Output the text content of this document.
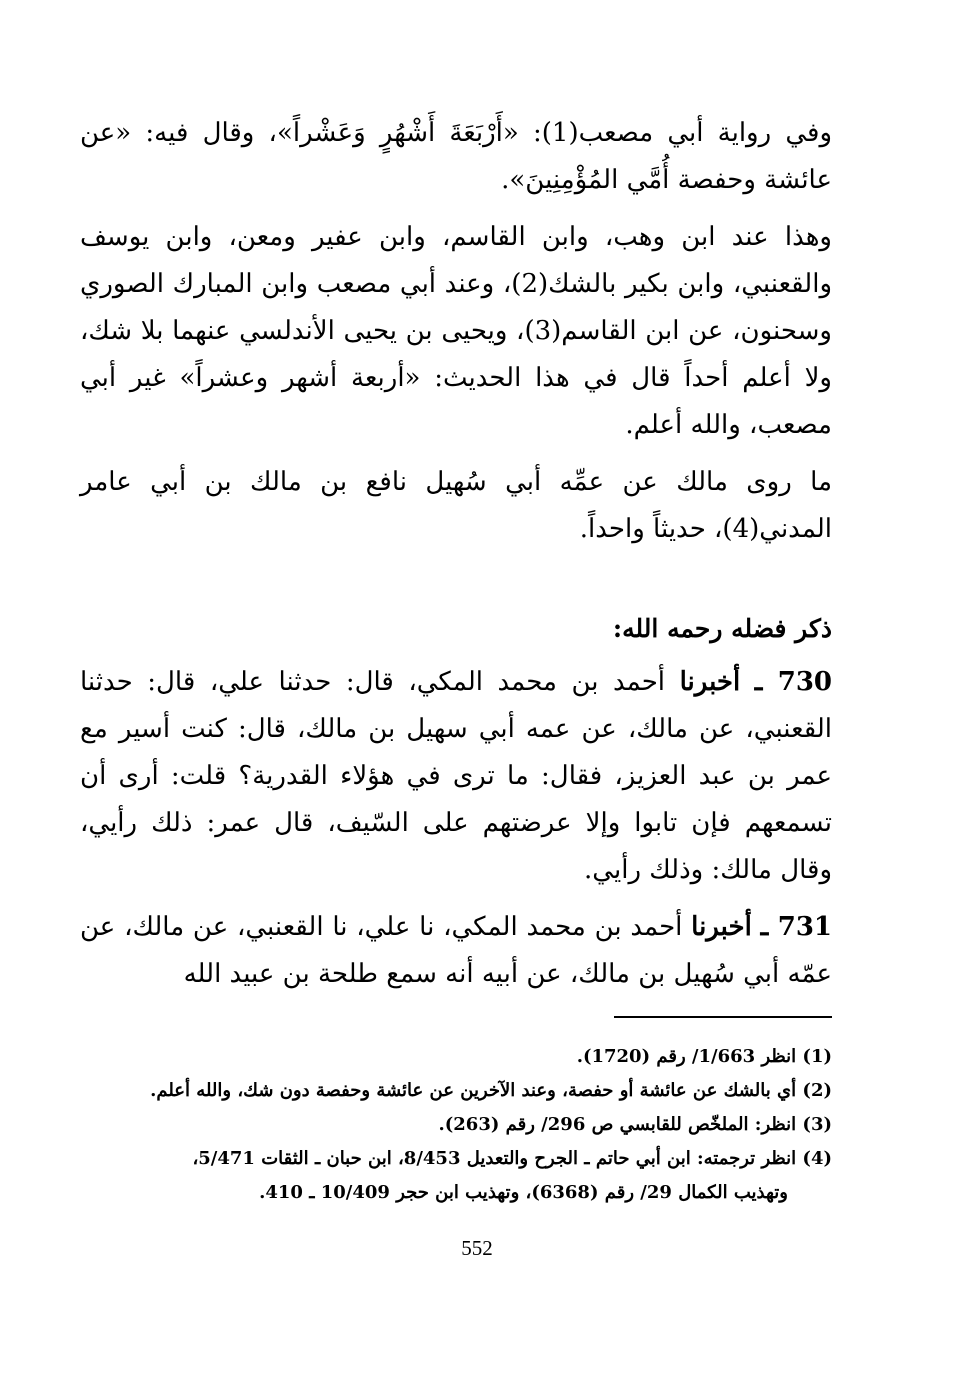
وفي رواية أبي مصعب(1): «أَرْبَعَةَ أَشْهُرٍ وَعَشْراً»، وقال فيه: «عن عائشة وحفصة أُمَّي المُؤْمِنِينَ».

وهذا عند ابن وهب، وابن القاسم، وابن عفير ومعن، وابن يوسف والقعنبي، وابن بكير بالشك(2)، وعند أبي مصعب وابن المبارك الصوري وسحنون، عن ابن القاسم(3)، ويحيى بن يحيى الأندلسي عنهما بلا شك، ولا أعلم أحداً قال في هذا الحديث: «أربعة أشهر وعشراً» غير أبي مصعب، والله أعلم.

ما روى مالك عن عمِّه أبي سُهيل نافع بن مالك بن أبي عامر المدني(4)، حديثاً واحداً.

ذكر فضله رحمه الله:

730 ـ أخبرنا أحمد بن محمد المكي، قال: حدثنا علي، قال: حدثنا القعنبي، عن مالك، عن عمه أبي سهيل بن مالك، قال: كنت أسير مع عمر بن عبد العزيز، فقال: ما ترى في هؤلاء القدرية؟ قلت: أرى أن تسمعهم فإن تابوا وإلا عرضتهم على السّيف، قال عمر: ذلك رأيي، وقال مالك: وذلك رأيي.

731 ـ أخبرنا أحمد بن محمد المكي، نا علي، نا القعنبي، عن مالك، عن عمّه أبي سُهيل بن مالك، عن أبيه أنه سمع طلحة بن عبيد الله

(1) انظر 1/663/ رقم (1720).

(2) أي بالشك عن عائشة أو حفصة، وعند الآخرين عن عائشة وحفصة دون شك، والله أعلم.

(3) انظر: الملخّص للقابسي ص 296/ رقم (263).

(4) انظر ترجمته: ابن أبي حاتم ـ الجرح والتعديل 8/453، ابن حبان ـ الثقات 5/471،

وتهذيب الكمال 29/ رقم (6368)، وتهذيب ابن حجر 10/409 ـ 410.

552
